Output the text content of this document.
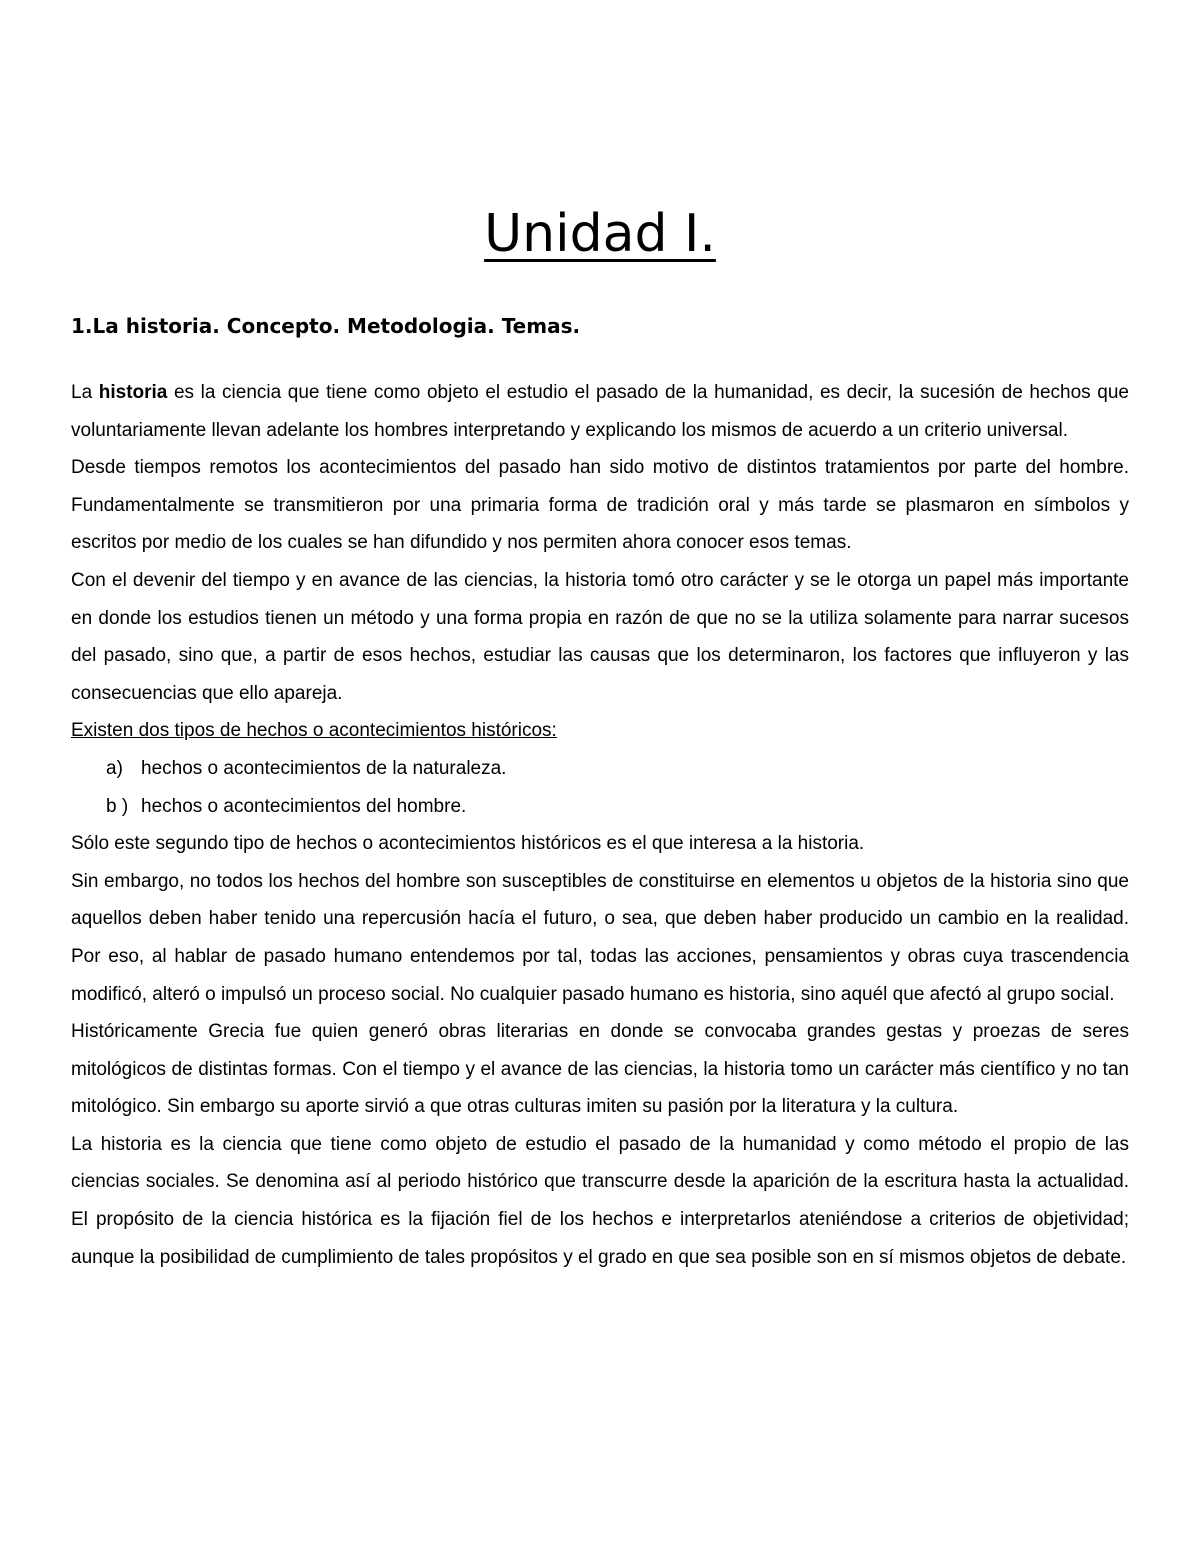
Unidad I.
1.La historia. Concepto. Metodologia. Temas.

La historia es la ciencia que tiene como objeto el estudio el pasado de la humanidad, es decir, la sucesión de hechos que voluntariamente llevan adelante los hombres interpretando y explicando los mismos de acuerdo a un criterio universal.

Desde tiempos remotos los acontecimientos del pasado han sido motivo de distintos tratamientos por parte del hombre. Fundamentalmente se transmitieron por una primaria forma de tradición oral y más tarde se plasmaron en símbolos y escritos por medio de los cuales se han difundido y nos permiten ahora conocer esos temas.

Con el devenir del tiempo y en avance de las ciencias, la historia tomó otro carácter y se le otorga un papel más importante en donde los estudios tienen un método y una forma propia en razón de que no se la utiliza solamente para narrar sucesos del pasado, sino que, a partir de esos hechos, estudiar las causas que los determinaron, los factores que influyeron y las consecuencias que ello apareja.

Existen dos tipos de hechos o acontecimientos históricos:

a) hechos o acontecimientos de la naturaleza.
b ) hechos o acontecimientos del hombre.

Sólo este segundo tipo de hechos o acontecimientos históricos es el que interesa a la historia.

Sin embargo, no todos los hechos del hombre son susceptibles de constituirse en elementos u objetos de la historia sino que aquellos deben haber tenido una repercusión hacía el futuro, o sea, que deben haber producido un cambio en la realidad. Por eso, al hablar de pasado humano entendemos por tal, todas las acciones, pensamientos y obras cuya trascendencia modificó, alteró o impulsó un proceso social. No cualquier pasado humano es historia, sino aquél que afectó al grupo social.

Históricamente Grecia fue quien generó obras literarias en donde se convocaba grandes gestas y proezas de seres mitológicos de distintas formas. Con el tiempo y el avance de las ciencias, la historia tomo un carácter más científico y no tan mitológico. Sin embargo su aporte sirvió a que otras culturas imiten su pasión por la literatura y la cultura.

La historia es la ciencia que tiene como objeto de estudio el pasado de la humanidad y como método el propio de las ciencias sociales. Se denomina así al periodo histórico que transcurre desde la aparición de la escritura hasta la actualidad. El propósito de la ciencia histórica es la fijación fiel de los hechos e interpretarlos ateniéndose a criterios de objetividad; aunque la posibilidad de cumplimiento de tales propósitos y el grado en que sea posible son en sí mismos objetos de debate.
